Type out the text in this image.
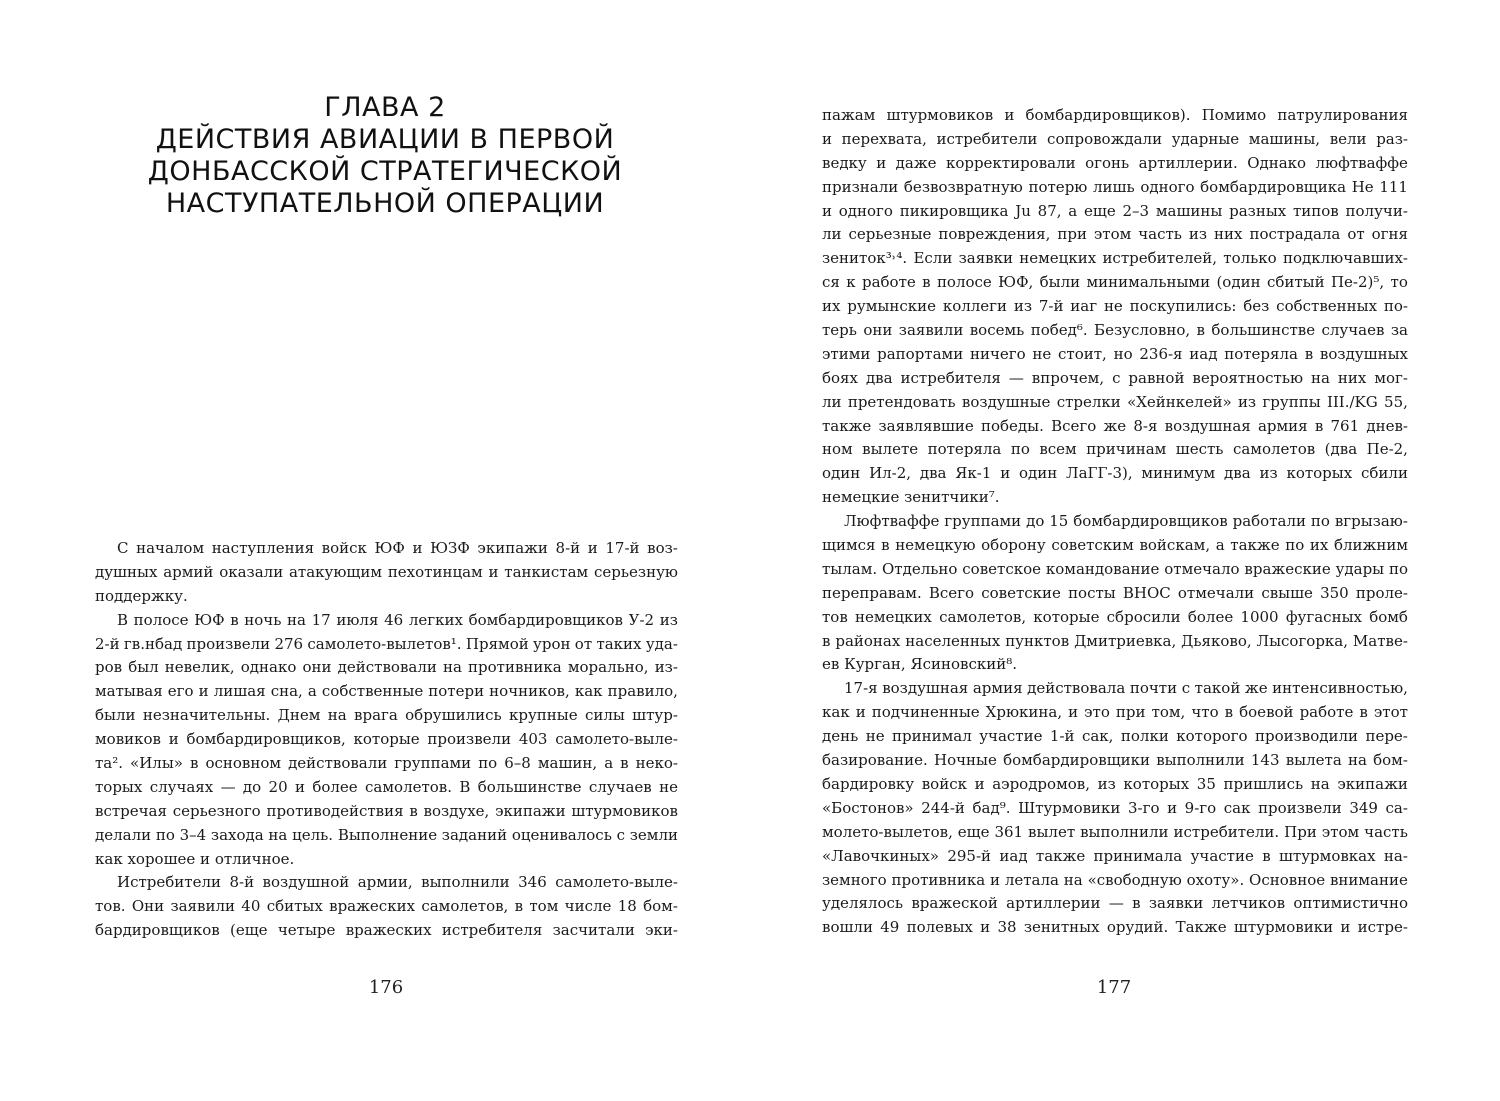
ГЛАВА 2
ДЕЙСТВИЯ АВИАЦИИ В ПЕРВОЙ
ДОНБАССКОЙ СТРАТЕГИЧЕСКОЙ
НАСТУПАТЕЛЬНОЙ ОПЕРАЦИИ
С началом наступления войск ЮФ и ЮЗФ экипажи 8-й и 17-й воз-
душных армий оказали атакующим пехотинцам и танкистам серьезную
поддержку.
В полосе ЮФ в ночь на 17 июля 46 легких бомбардировщиков У-2 из
2-й гв.нбад произвели 276 самолето-вылетов¹. Прямой урон от таких уда-
ров был невелик, однако они действовали на противника морально, из-
матывая его и лишая сна, а собственные потери ночников, как правило,
были незначительны. Днем на врага обрушились крупные силы штур-
мовиков и бомбардировщиков, которые произвели 403 самолето-выле-
та². «Илы» в основном действовали группами по 6–8 машин, а в неко-
торых случаях — до 20 и более самолетов. В большинстве случаев не
встречая серьезного противодействия в воздухе, экипажи штурмовиков
делали по 3–4 захода на цель. Выполнение заданий оценивалось с земли
как хорошее и отличное.
Истребители 8-й воздушной армии, выполнили 346 самолето-выле-
тов. Они заявили 40 сбитых вражеских самолетов, в том числе 18 бом-
бардировщиков (еще четыре вражеских истребителя засчитали эки-
176
пажам штурмовиков и бомбардировщиков). Помимо патрулирования
и перехвата, истребители сопровождали ударные машины, вели раз-
ведку и даже корректировали огонь артиллерии. Однако люфтваффе
признали безвозвратную потерю лишь одного бомбардировщика He 111
и одного пикировщика Ju 87, а еще 2–3 машины разных типов получи-
ли серьезные повреждения, при этом часть из них пострадала от огня
зениток³˒⁴. Если заявки немецких истребителей, только подключавших-
ся к работе в полосе ЮФ, были минимальными (один сбитый Пе-2)⁵, то
их румынские коллеги из 7-й иаг не поскупились: без собственных по-
терь они заявили восемь побед⁶. Безусловно, в большинстве случаев за
этими рапортами ничего не стоит, но 236-я иад потеряла в воздушных
боях два истребителя — впрочем, с равной вероятностью на них мог-
ли претендовать воздушные стрелки «Хейнкелей» из группы III./KG 55,
также заявлявшие победы. Всего же 8-я воздушная армия в 761 днев-
ном вылете потеряла по всем причинам шесть самолетов (два Пе-2,
один Ил-2, два Як-1 и один ЛаГГ-3), минимум два из которых сбили
немецкие зенитчики⁷.
Люфтваффе группами до 15 бомбардировщиков работали по вгрызаю-
щимся в немецкую оборону советским войскам, а также по их ближним
тылам. Отдельно советское командование отмечало вражеские удары по
переправам. Всего советские посты ВНОС отмечали свыше 350 проле-
тов немецких самолетов, которые сбросили более 1000 фугасных бомб
в районах населенных пунктов Дмитриевка, Дьяково, Лысогорка, Матве-
ев Курган, Ясиновский⁸.
17-я воздушная армия действовала почти с такой же интенсивностью,
как и подчиненные Хрюкина, и это при том, что в боевой работе в этот
день не принимал участие 1-й сак, полки которого производили пере-
базирование. Ночные бомбардировщики выполнили 143 вылета на бом-
бардировку войск и аэродромов, из которых 35 пришлись на экипажи
«Бостонов» 244-й бад⁹. Штурмовики 3-го и 9-го сак произвели 349 са-
молето-вылетов, еще 361 вылет выполнили истребители. При этом часть
«Лавочкиных» 295-й иад также принимала участие в штурмовках на-
земного противника и летала на «свободную охоту». Основное внимание
уделялось вражеской артиллерии — в заявки летчиков оптимистично
вошли 49 полевых и 38 зенитных орудий. Также штурмовики и истре-
177
